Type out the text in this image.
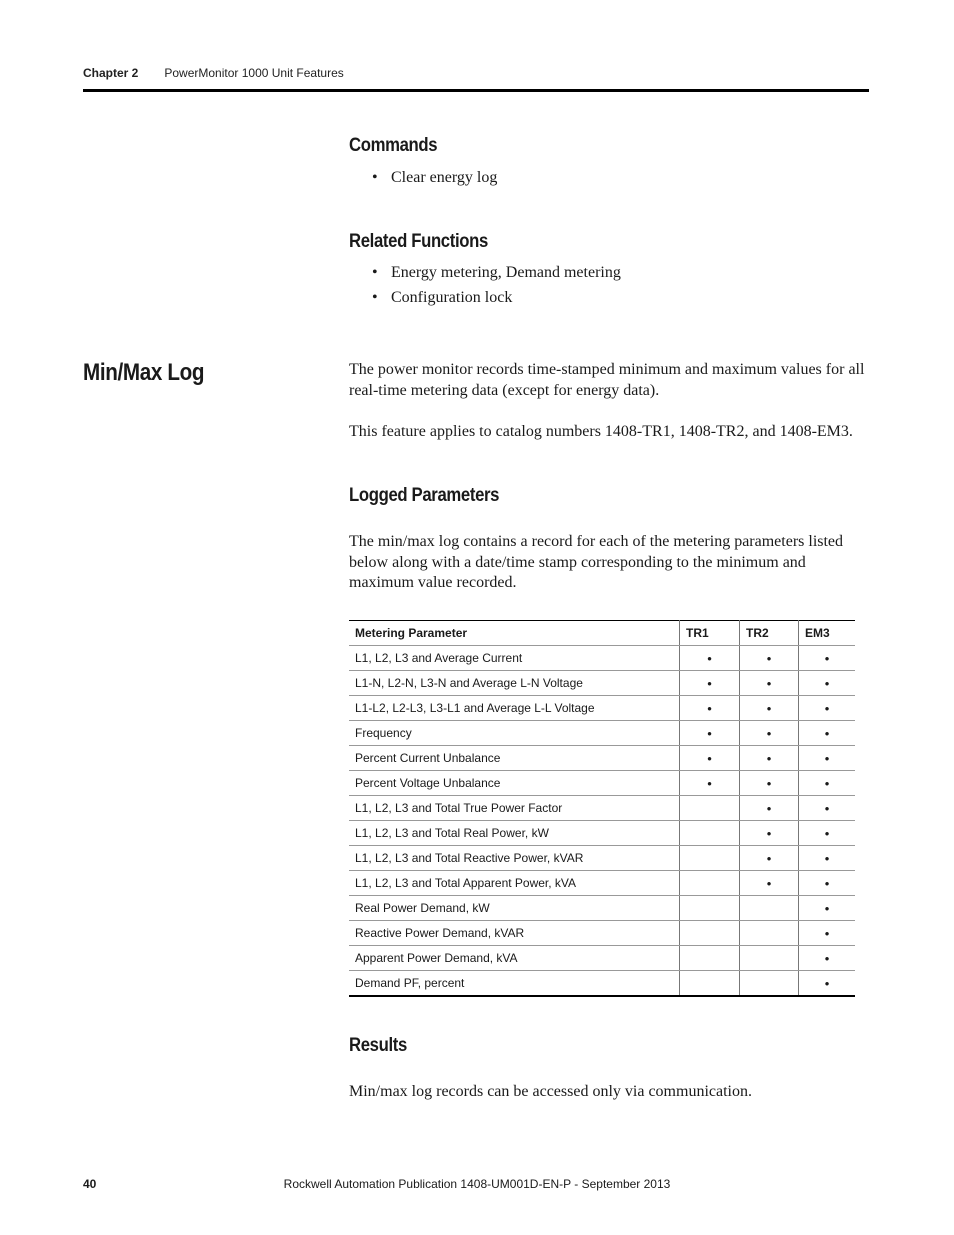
Chapter 2 PowerMonitor 1000 Unit Features
Commands
• Clear energy log
Related Functions
• Energy metering, Demand metering
• Configuration lock
Min/Max Log	The power monitor records time-stamped minimum and maximum values for all real-time metering data (except for energy data).
This feature applies to catalog numbers 1408-TR1, 1408-TR2, and 1408-EM3.
Logged Parameters
The min/max log contains a record for each of the metering parameters listed below along with a date/time stamp corresponding to the minimum and maximum value recorded.
Metering Parameter	TR1	TR2	EM3
L1, L2, L3 and Average Current	•	•	•
L1-N, L2-N, L3-N and Average L-N Voltage	•	•	•
L1-L2, L2-L3, L3-L1 and Average L-L Voltage	•	•	•
Frequency	•	•	•
Percent Current Unbalance	•	•	•
Percent Voltage Unbalance	•	•	•
L1, L2, L3 and Total True Power Factor		•	•
L1, L2, L3 and Total Real Power, kW		•	•
L1, L2, L3 and Total Reactive Power, kVAR		•	•
L1, L2, L3 and Total Apparent Power, kVA		•	•
Real Power Demand, kW			•
Reactive Power Demand, kVAR			•
Apparent Power Demand, kVA			•
Demand PF, percent			•
Results
Min/max log records can be accessed only via communication.
40	Rockwell Automation Publication 1408-UM001D-EN-P - September 2013
